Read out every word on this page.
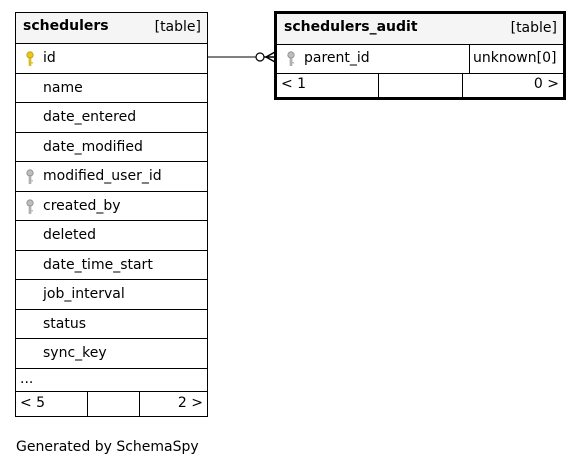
schedulers	[table]
id
name
date_entered
date_modified
modified_user_id
created_by
deleted
date_time_start
job_interval
status
sync_key
...
< 5	2 >
schedulers_audit	[table]
parent_id	unknown[0]
< 1	0 >
Generated by SchemaSpy
